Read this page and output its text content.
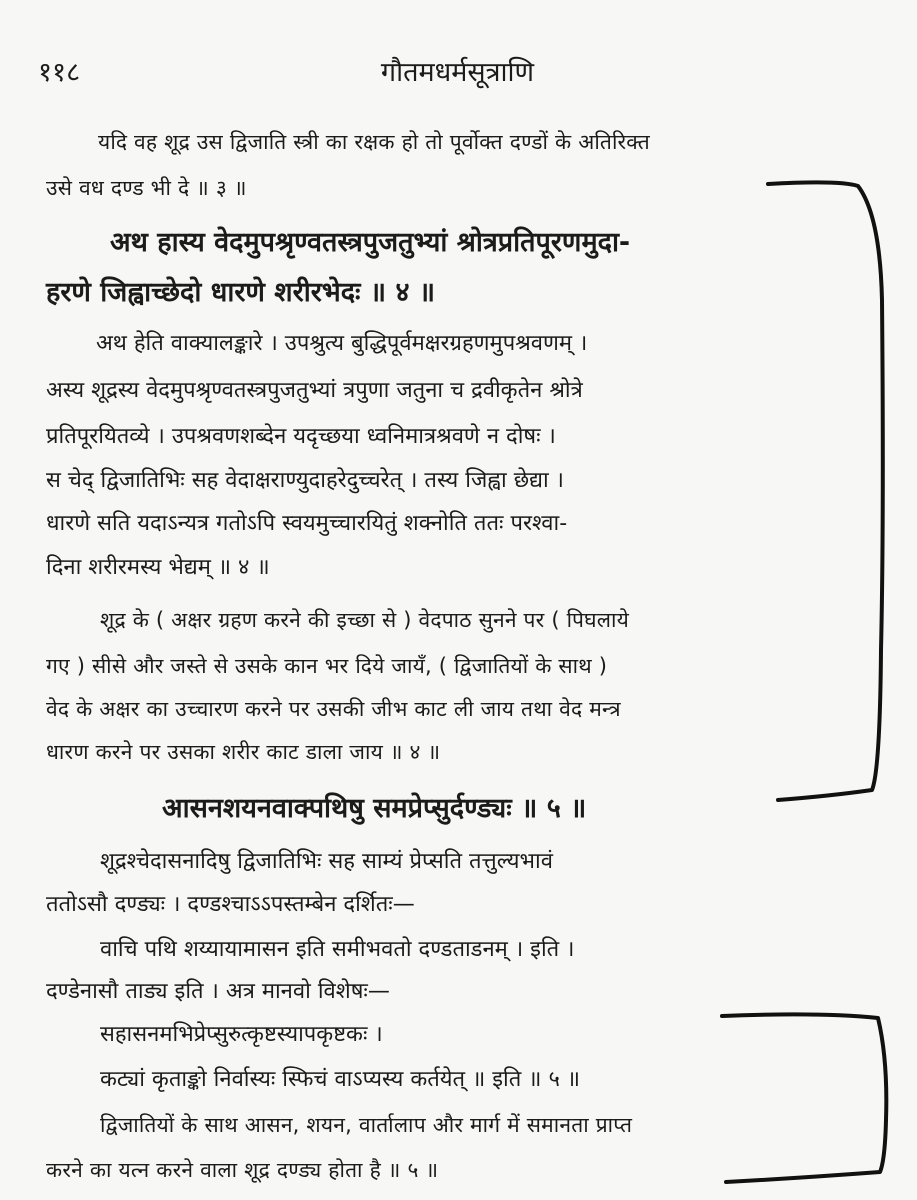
११८	गौतमधर्मसूत्राणि
यदि वह शूद्र उस द्विजाति स्त्री का रक्षक हो तो पूर्वोक्त दण्डों के अतिरिक्त
उसे वध दण्ड भी दे ॥ ३ ॥
अथ हास्य वेदमुपश्रृण्वतस्त्रपुजतुभ्यां श्रोत्रप्रतिपूरणमुदा-
हरणे जिह्वाच्छेदो धारणे शरीरभेदः ॥ ४ ॥
अथ हेति वाक्यालङ्कारे । उपश्रुत्य बुद्धिपूर्वमक्षरग्रहणमुपश्रवणम् ।
अस्य शूद्रस्य वेदमुपश्रृण्वतस्त्रपुजतुभ्यां त्रपुणा जतुना च द्रवीकृतेन श्रोत्रे
प्रतिपूरयितव्ये । उपश्रवणशब्देन यदृच्छया ध्वनिमात्रश्रवणे न दोषः ।
स चेद् द्विजातिभिः सह वेदाक्षराण्युदाहरेदुच्चरेत् । तस्य जिह्वा छेद्या ।
धारणे सति यदाऽन्यत्र गतोऽपि स्वयमुच्चारयितुं शक्नोति ततः परश्वा-
दिना शरीरमस्य भेद्यम् ॥ ४ ॥
शूद्र के ( अक्षर ग्रहण करने की इच्छा से ) वेदपाठ सुनने पर ( पिघलाये
गए ) सीसे और जस्ते से उसके कान भर दिये जायँ, ( द्विजातियों के साथ )
वेद के अक्षर का उच्चारण करने पर उसकी जीभ काट ली जाय तथा वेद मन्त्र
धारण करने पर उसका शरीर काट डाला जाय ॥ ४ ॥
आसनशयनवाक्पथिषु समप्रेप्सुर्दण्ड्यः ॥ ५ ॥
शूद्रश्चेदासनादिषु द्विजातिभिः सह साम्यं प्रेप्सति तत्तुल्यभावं
ततोऽसौ दण्ड्यः । दण्डश्चाऽऽपस्तम्बेन दर्शितः—
वाचि पथि शय्यायामासन इति समीभवतो दण्डताडनम् । इति ।
दण्डेनासौ ताड्य इति । अत्र मानवो विशेषः—
सहासनमभिप्रेप्सुरुत्कृष्टस्यापकृष्टकः ।
कट्यां कृताङ्को निर्वास्यः स्फिचं वाऽप्यस्य कर्तयेत् ॥ इति ॥ ५ ॥
द्विजातियों के साथ आसन, शयन, वार्तालाप और मार्ग में समानता प्राप्त
करने का यत्न करने वाला शूद्र दण्ड्य होता है ॥ ५ ॥
